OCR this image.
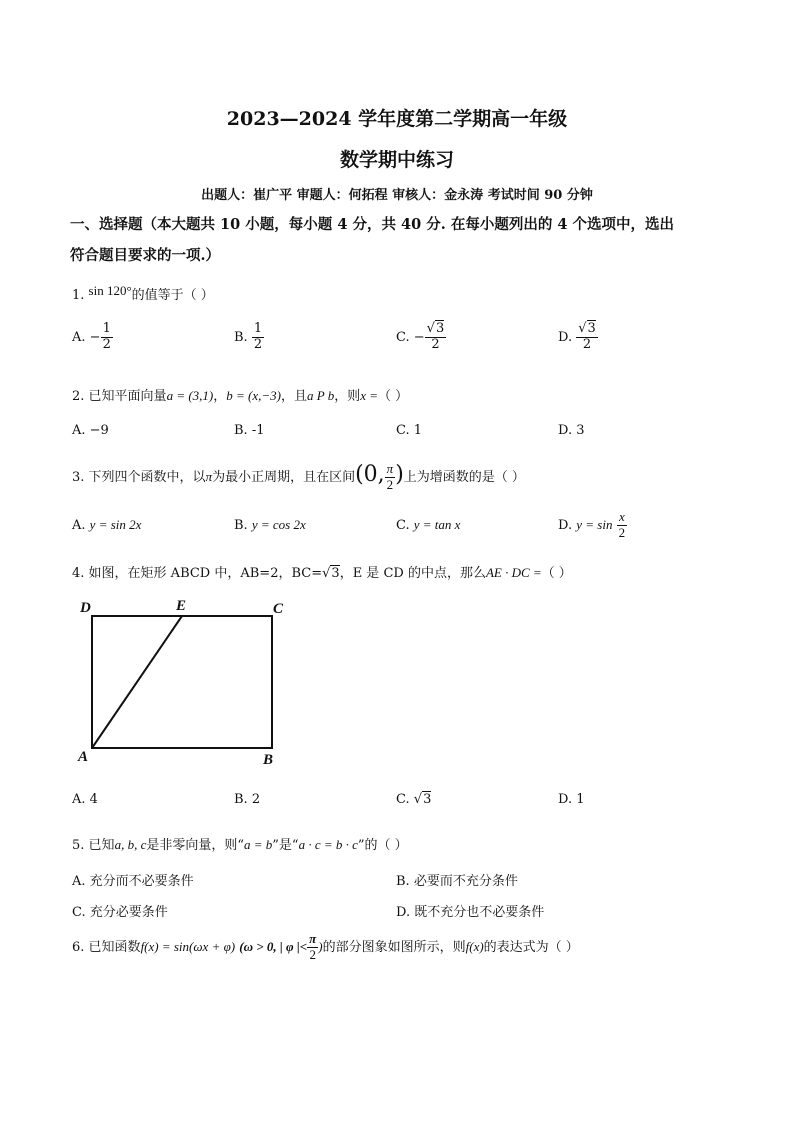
2023—2024 学年度第二学期高一年级
数学期中练习
出题人：崔广平 审题人：何拓程 审核人：金永涛 考试时间 90 分钟
一、选择题（本大题共 10 小题，每小题 4 分，共 40 分. 在每小题列出的 4 个选项中，选出
符合题目要求的一项.）
1. sin 120°的值等于（ ）
A. − $\frac{1}{2}$	B. $\frac{1}{2}$	C. − $\frac{√3}{2}$	D. $\frac{√3}{2}$
2. 已知平面向量a = (3,1)，b = (x,−3)，且a P b，则x =（ ）
A. −9	B. -1	C. 1	D. 3
3. 下列四个函数中，以π为最小正周期，且在区间(0, $\frac{\pi}{2}$ )上为增函数的是（ ）
A. y = sin 2x	B. y = cos 2x	C. y = tan x	D. $y = \sin \frac{x}{2}$
4. 如图，在矩形 ABCD 中，AB=2，BC=√3，E 是 CD 的中点，那么AE · DC =（ ）
D	E	C
A	B
A. 4	B. 2	C. √3	D. 1
5. 已知a, b, c是非零向量，则“a = b”是“a · c = b · c”的（ ）
A. 充分而不必要条件	B. 必要而不充分条件
C. 充分必要条件	D. 既不充分也不必要条件
6. 已知函数f(x) = sin(ωx + φ) (ω > 0, | φ |< $\frac{\pi}{2}$ )的部分图象如图所示，则f(x)的表达式为（ ）
